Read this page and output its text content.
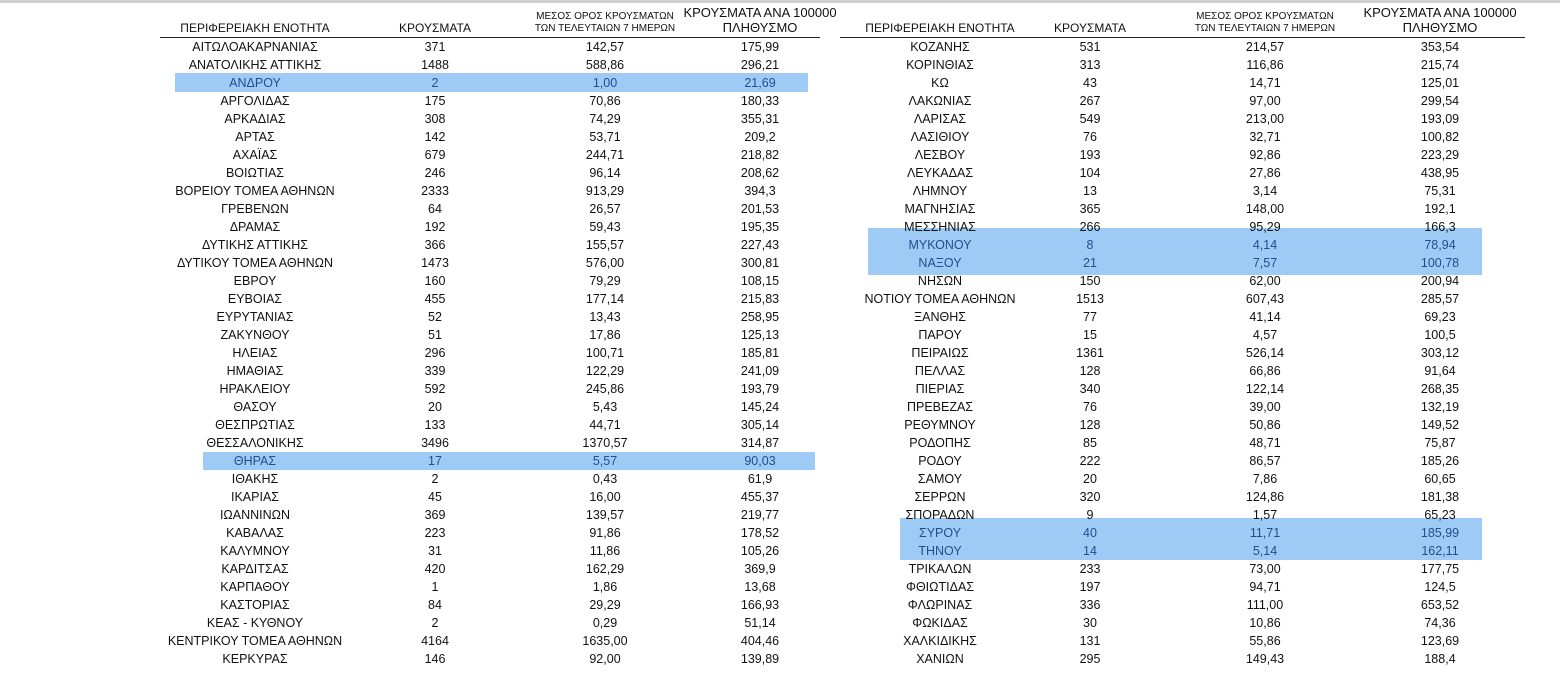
ΠΕΡΙΦΕΡΕΙΑΚΗ ΕΝΟΤΗΤΑ	ΚΡΟΥΣΜΑΤΑ
ΜΕΣΟΣ ΟΡΟΣ ΚΡΟΥΣΜΑΤΩΝ
ΤΩΝ ΤΕΛΕΥΤΑΙΩΝ 7 ΗΜΕΡΩΝ
ΚΡΟΥΣΜΑΤΑ ΑΝΑ 100000
ΠΛΗΘΥΣΜΟ
ΑΙΤΩΛΟΑΚΑΡΝΑΝΙΑΣ	371	142,57	175,99
ΑΝΑΤΟΛΙΚΗΣ ΑΤΤΙΚΗΣ	1488	588,86	296,21
ΑΝΔΡΟΥ	2	1,00	21,69
ΑΡΓΟΛΙΔΑΣ	175	70,86	180,33
ΑΡΚΑΔΙΑΣ	308	74,29	355,31
ΑΡΤΑΣ	142	53,71	209,2
ΑΧΑΪΑΣ	679	244,71	218,82
ΒΟΙΩΤΙΑΣ	246	96,14	208,62
ΒΟΡΕΙΟΥ ΤΟΜΕΑ ΑΘΗΝΩΝ	2333	913,29	394,3
ΓΡΕΒΕΝΩΝ	64	26,57	201,53
ΔΡΑΜΑΣ	192	59,43	195,35
ΔΥΤΙΚΗΣ ΑΤΤΙΚΗΣ	366	155,57	227,43
ΔΥΤΙΚΟΥ ΤΟΜΕΑ ΑΘΗΝΩΝ	1473	576,00	300,81
ΕΒΡΟΥ	160	79,29	108,15
ΕΥΒΟΙΑΣ	455	177,14	215,83
ΕΥΡΥΤΑΝΙΑΣ	52	13,43	258,95
ΖΑΚΥΝΘΟΥ	51	17,86	125,13
ΗΛΕΙΑΣ	296	100,71	185,81
ΗΜΑΘΙΑΣ	339	122,29	241,09
ΗΡΑΚΛΕΙΟΥ	592	245,86	193,79
ΘΑΣΟΥ	20	5,43	145,24
ΘΕΣΠΡΩΤΙΑΣ	133	44,71	305,14
ΘΕΣΣΑΛΟΝΙΚΗΣ	3496	1370,57	314,87
ΘΗΡΑΣ	17	5,57	90,03
ΙΘΑΚΗΣ	2	0,43	61,9
ΙΚΑΡΙΑΣ	45	16,00	455,37
ΙΩΑΝΝΙΝΩΝ	369	139,57	219,77
ΚΑΒΑΛΑΣ	223	91,86	178,52
ΚΑΛΥΜΝΟΥ	31	11,86	105,26
ΚΑΡΔΙΤΣΑΣ	420	162,29	369,9
ΚΑΡΠΑΘΟΥ	1	1,86	13,68
ΚΑΣΤΟΡΙΑΣ	84	29,29	166,93
ΚΕΑΣ - ΚΥΘΝΟΥ	2	0,29	51,14
ΚΕΝΤΡΙΚΟΥ ΤΟΜΕΑ ΑΘΗΝΩΝ	4164	1635,00	404,46
ΚΕΡΚΥΡΑΣ	146	92,00	139,89
ΠΕΡΙΦΕΡΕΙΑΚΗ ΕΝΟΤΗΤΑ	ΚΡΟΥΣΜΑΤΑ
ΜΕΣΟΣ ΟΡΟΣ ΚΡΟΥΣΜΑΤΩΝ
ΤΩΝ ΤΕΛΕΥΤΑΙΩΝ 7 ΗΜΕΡΩΝ
ΚΡΟΥΣΜΑΤΑ ΑΝΑ 100000
ΠΛΗΘΥΣΜΟ
ΚΟΖΑΝΗΣ	531	214,57	353,54
ΚΟΡΙΝΘΙΑΣ	313	116,86	215,74
ΚΩ	43	14,71	125,01
ΛΑΚΩΝΙΑΣ	267	97,00	299,54
ΛΑΡΙΣΑΣ	549	213,00	193,09
ΛΑΣΙΘΙΟΥ	76	32,71	100,82
ΛΕΣΒΟΥ	193	92,86	223,29
ΛΕΥΚΑΔΑΣ	104	27,86	438,95
ΛΗΜΝΟΥ	13	3,14	75,31
ΜΑΓΝΗΣΙΑΣ	365	148,00	192,1
ΜΕΣΣΗΝΙΑΣ	266	95,29	166,3
ΜΥΚΟΝΟΥ	8	4,14	78,94
ΝΑΞΟΥ	21	7,57	100,78
ΝΗΣΩΝ	150	62,00	200,94
ΝΟΤΙΟΥ ΤΟΜΕΑ ΑΘΗΝΩΝ	1513	607,43	285,57
ΞΑΝΘΗΣ	77	41,14	69,23
ΠΑΡΟΥ	15	4,57	100,5
ΠΕΙΡΑΙΩΣ	1361	526,14	303,12
ΠΕΛΛΑΣ	128	66,86	91,64
ΠΙΕΡΙΑΣ	340	122,14	268,35
ΠΡΕΒΕΖΑΣ	76	39,00	132,19
ΡΕΘΥΜΝΟΥ	128	50,86	149,52
ΡΟΔΟΠΗΣ	85	48,71	75,87
ΡΟΔΟΥ	222	86,57	185,26
ΣΑΜΟΥ	20	7,86	60,65
ΣΕΡΡΩΝ	320	124,86	181,38
ΣΠΟΡΑΔΩΝ	9	1,57	65,23
ΣΥΡΟΥ	40	11,71	185,99
ΤΗΝΟΥ	14	5,14	162,11
ΤΡΙΚΑΛΩΝ	233	73,00	177,75
ΦΘΙΩΤΙΔΑΣ	197	94,71	124,5
ΦΛΩΡΙΝΑΣ	336	111,00	653,52
ΦΩΚΙΔΑΣ	30	10,86	74,36
ΧΑΛΚΙΔΙΚΗΣ	131	55,86	123,69
ΧΑΝΙΩΝ	295	149,43	188,4
